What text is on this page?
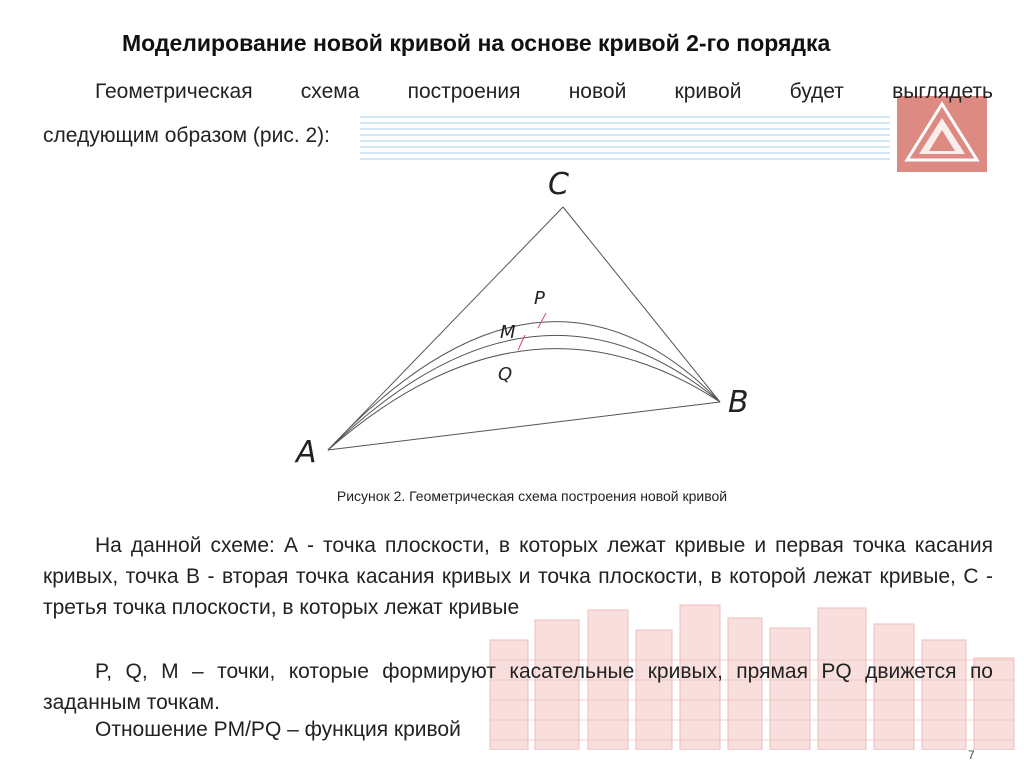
Моделирование новой кривой на основе кривой 2-го порядка
Геометрическая схема построения новой кривой будет выглядеть
следующим образом (рис. 2):
A
B
C
P
M
Q
Рисунок 2. Геометрическая схема построения новой кривой
На данной схеме: А - точка плоскости, в которых лежат кривые и первая точка касания кривых, точка В - вторая точка касания кривых и точка плоскости, в которой лежат кривые, С - третья точка плоскости, в которых лежат кривые
P, Q, M – точки, которые формируют касательные кривых, прямая PQ движется по заданным точкам.
Отношение PM/PQ – функция кривой
7
